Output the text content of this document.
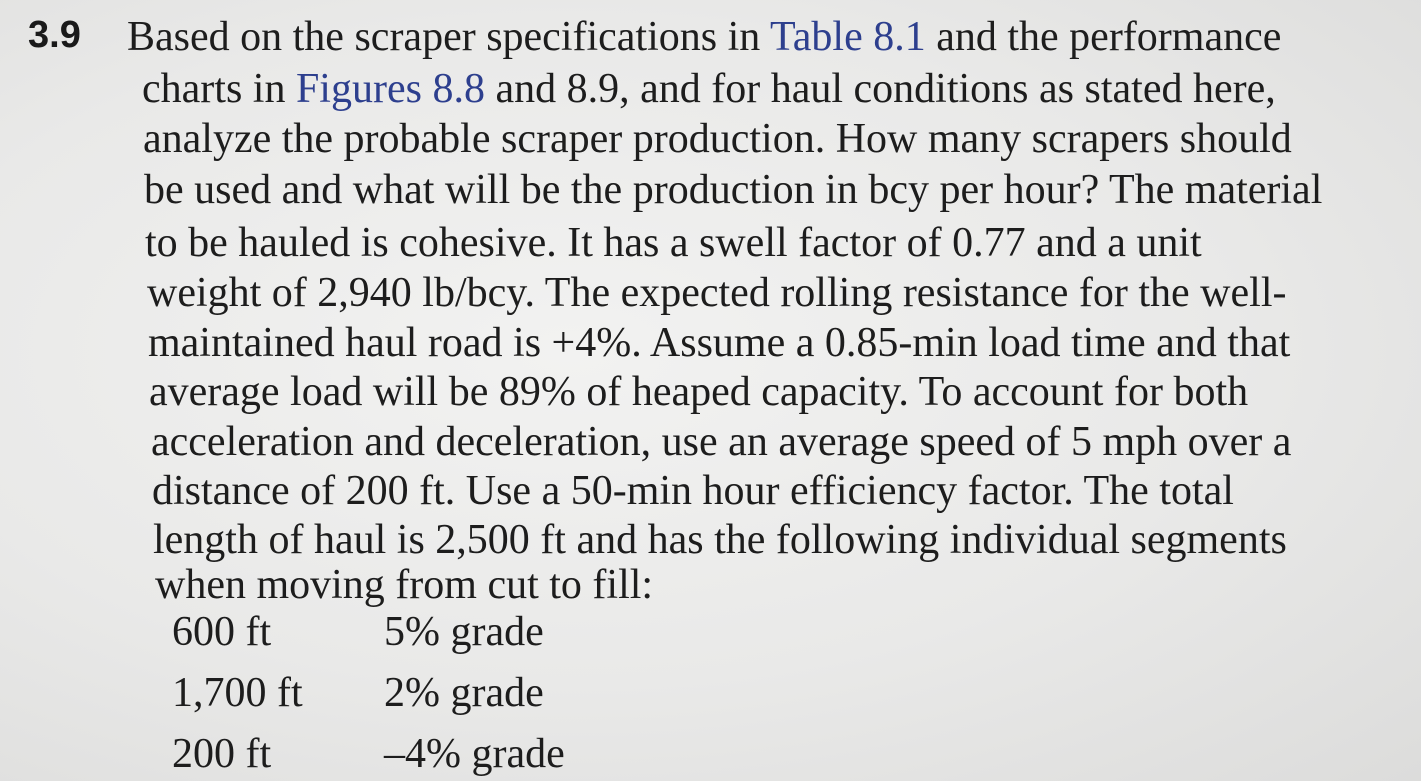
3.9 Based on the scraper specifications in Table 8.1 and the performance
charts in Figures 8.8 and 8.9, and for haul conditions as stated here,
analyze the probable scraper production. How many scrapers should
be used and what will be the production in bcy per hour? The material
to be hauled is cohesive. It has a swell factor of 0.77 and a unit
weight of 2,940 lb/bcy. The expected rolling resistance for the well-
maintained haul road is +4%. Assume a 0.85-min load time and that
average load will be 89% of heaped capacity. To account for both
acceleration and deceleration, use an average speed of 5 mph over a
distance of 200 ft. Use a 50-min hour efficiency factor. The total
length of haul is 2,500 ft and has the following individual segments
when moving from cut to fill:
600 ft	5% grade
1,700 ft 2% grade
200 ft	–4% grade
